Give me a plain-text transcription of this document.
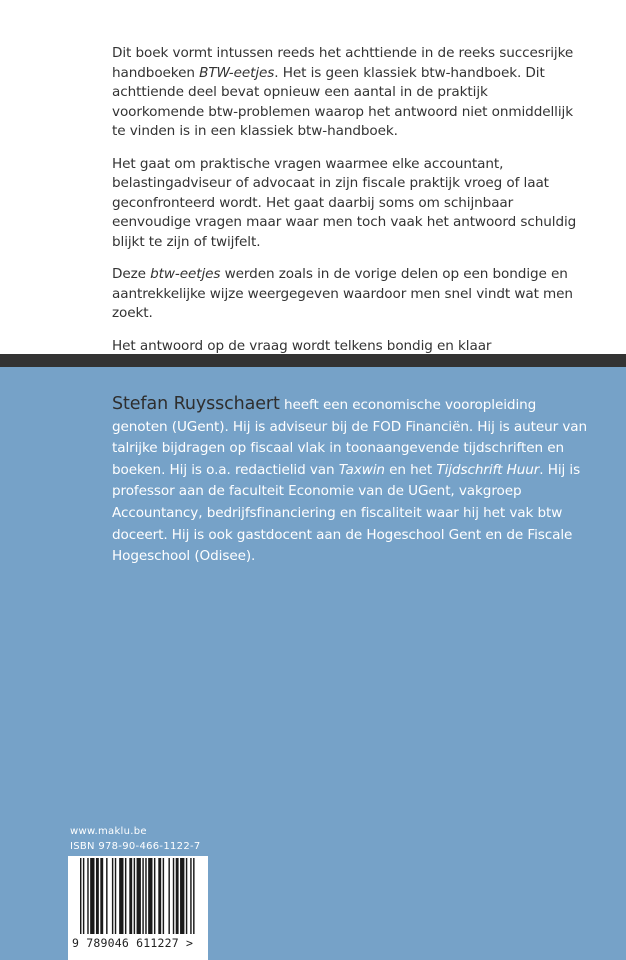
Dit boek vormt intussen reeds het achttiende in de reeks succesrijke handboeken BTW-eetjes. Het is geen klassiek btw-handboek. Dit achttiende deel bevat opnieuw een aantal in de praktijk voorkomende btw-problemen waarop het antwoord niet onmiddellijk te vinden is in een klassiek btw-handboek.

Het gaat om praktische vragen waarmee elke accountant, belastingadviseur of advocaat in zijn fiscale praktijk vroeg of laat geconfronteerd wordt. Het gaat daarbij soms om schijnbaar eenvoudige vragen maar waar men toch vaak het antwoord schuldig blijkt te zijn of twijfelt.

Deze btw-eetjes werden zoals in de vorige delen op een bondige en aantrekkelijke wijze weergegeven waardoor men snel vindt wat men zoekt.

Het antwoord op de vraag wordt telkens bondig en klaar

Stefan Ruysschaert heeft een economische vooropleiding genoten (UGent). Hij is adviseur bij de FOD Financiën. Hij is auteur van talrijke bijdragen op fiscaal vlak in toonaangevende tijdschriften en boeken. Hij is o.a. redactielid van Taxwin en het Tijdschrift Huur. Hij is professor aan de faculteit Economie van de UGent, vakgroep Accountancy, bedrijfsfinanciering en fiscaliteit waar hij het vak btw doceert. Hij is ook gastdocent aan de Hogeschool Gent en de Fiscale Hogeschool (Odisee).
www.maklu.be
ISBN 978-90-466-1122-7
9 789046 611227 >
